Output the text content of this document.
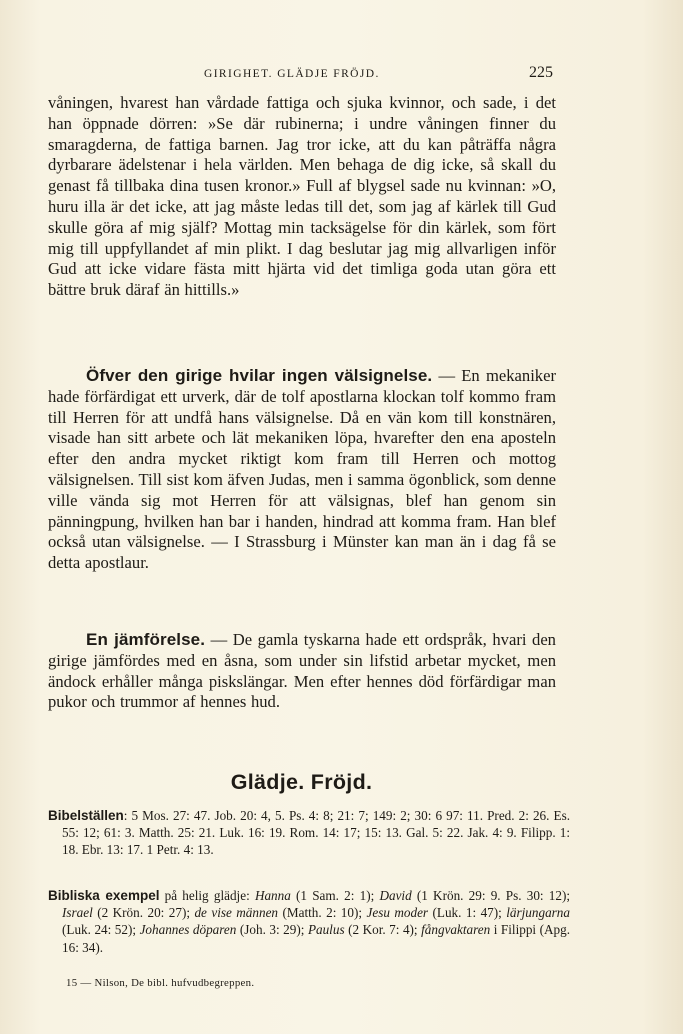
GIRIGHET. GLÄDJE FRÖJD.	225

våningen, hvarest han vårdade fattiga och sjuka kvinnor, och sade, i det han öppnade dörren: »Se där rubinerna; i undre våningen finner du smaragderna, de fattiga barnen. Jag tror icke, att du kan påträffa några dyrbarare ädelstenar i hela världen. Men behaga de dig icke, så skall du genast få tillbaka dina tusen kronor.» Full af blygsel sade nu kvinnan: »O, huru illa är det icke, att jag måste ledas till det, som jag af kärlek till Gud skulle göra af mig själf? Mottag min tacksägelse för din kärlek, som fört mig till uppfyllandet af min plikt. I dag beslutar jag mig allvarligen inför Gud att icke vidare fästa mitt hjärta vid det timliga goda utan göra ett bättre bruk däraf än hittills.»

Öfver den girige hvilar ingen välsignelse. — En mekaniker hade förfärdigat ett urverk, där de tolf apostlarna klockan tolf kommo fram till Herren för att undfå hans välsignelse. Då en vän kom till konstnären, visade han sitt arbete och lät mekaniken löpa, hvarefter den ena aposteln efter den andra mycket riktigt kom fram till Herren och mottog välsignelsen. Till sist kom äfven Judas, men i samma ögonblick, som denne ville vända sig mot Herren för att välsignas, blef han genom sin pänningpung, hvilken han bar i handen, hindrad att komma fram. Han blef också utan välsignelse. — I Strassburg i Münster kan man än i dag få se detta apostlaur.

En jämförelse. — De gamla tyskarna hade ett ordspråk, hvari den girige jämfördes med en åsna, som under sin lifstid arbetar mycket, men ändock erhåller många piskslängar. Men efter hennes död förfärdigar man pukor och trummor af hennes hud.

Glädje. Fröjd.

Bibelställen: 5 Mos. 27: 47. Job. 20: 4, 5. Ps. 4: 8; 21: 7; 149: 2; 30: 6 97: 11. Pred. 2: 26. Es. 55: 12; 61: 3. Matth. 25: 21. Luk. 16: 19. Rom. 14: 17; 15: 13. Gal. 5: 22. Jak. 4: 9. Filipp. 1: 18. Ebr. 13: 17. 1 Petr. 4: 13.

Bibliska exempel på helig glädje: Hanna (1 Sam. 2: 1); David (1 Krön. 29: 9. Ps. 30: 12); Israel (2 Krön. 20: 27); de vise männen (Matth. 2: 10); Jesu moder (Luk. 1: 47); lärjungarna (Luk. 24: 52); Johannes döparen (Joh. 3: 29); Paulus (2 Kor. 7: 4); fångvaktaren i Filippi (Apg. 16: 34).

15 — Nilson, De bibl. hufvudbegreppen.
